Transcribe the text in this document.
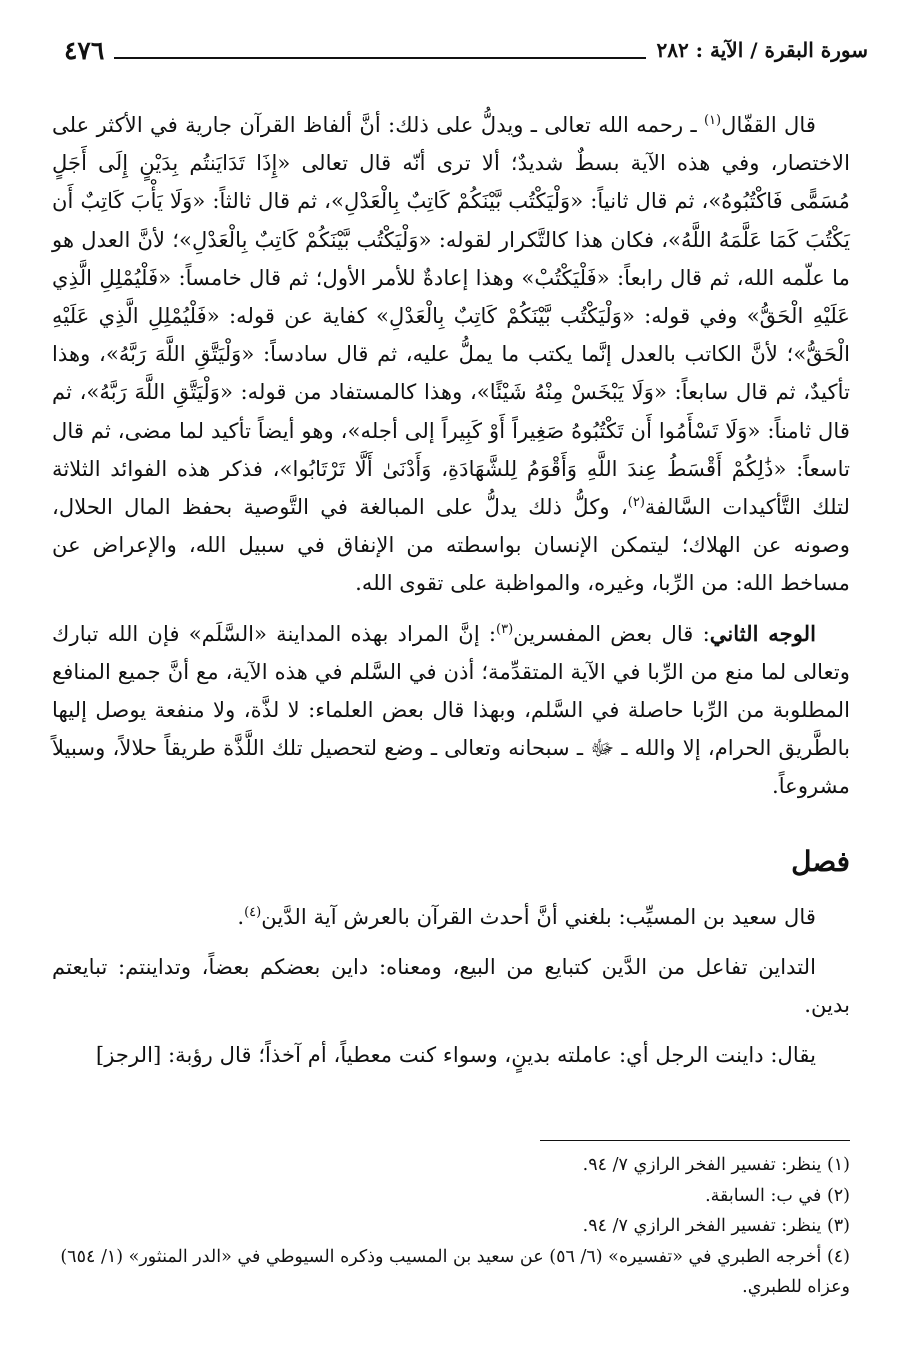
سورة البقرة / الآية : ٢٨٢
٤٧٦

قال القفّال$^{(١)}$ ـ رحمه الله تعالى ـ ويدلُّ على ذلك: أنَّ ألفاظ القرآن جارية في الأكثر على الاختصار، وفي هذه الآية بسطٌ شديدٌ؛ ألا ترى أنّه قال تعالى «إِذَا تَدَايَنتُم بِدَيْنٍ إِلَى أَجَلٍ مُسَمًّى فَاكْتُبُوهُ»، ثم قال ثانياً: «وَلْيَكْتُب بَّيْنَكُمْ كَاتِبٌ بِالْعَدْلِ»، ثم قال ثالثاً: «وَلَا يَأْبَ كَاتِبٌ أَن يَكْتُبَ كَمَا عَلَّمَهُ اللَّهُ»، فكان هذا كالتَّكرار لقوله: «وَلْيَكْتُب بَّيْنَكُمْ كَاتِبٌ بِالْعَدْلِ»؛ لأنَّ العدل هو ما علّمه الله، ثم قال رابعاً: «فَلْيَكْتُبْ» وهذا إعادةٌ للأمر الأول؛ ثم قال خامساً: «فَلْيُمْلِلِ الَّذِي عَلَيْهِ الْحَقُّ» وفي قوله: «وَلْيَكْتُب بَّيْنَكُمْ كَاتِبٌ بِالْعَدْلِ» كفاية عن قوله: «فَلْيُمْلِلِ الَّذِي عَلَيْهِ الْحَقُّ»؛ لأنَّ الكاتب بالعدل إنَّما يكتب ما يملُّ عليه، ثم قال سادساً: «وَلْيَتَّقِ اللَّهَ رَبَّهُ»، وهذا تأكيدٌ، ثم قال سابعاً: «وَلَا يَبْخَسْ مِنْهُ شَيْئًا»، وهذا كالمستفاد من قوله: «وَلْيَتَّقِ اللَّهَ رَبَّهُ»، ثم قال ثامناً: «وَلَا تَسْأَمُوا أَن تَكْتُبُوهُ صَغِيراً أَوْ كَبِيراً إلى أجله»، وهو أيضاً تأكيد لما مضى، ثم قال تاسعاً: «ذَٰلِكُمْ أَقْسَطُ عِندَ اللَّهِ وَأَقْوَمُ لِلشَّهَادَةِ، وَأَدْنَىٰ أَلَّا تَرْتَابُوا»، فذكر هذه الفوائد الثلاثة لتلك التَّأكيدات السَّالفة$^{(٢)}$، وكلُّ ذلك يدلُّ على المبالغة في التَّوصية بحفظ المال الحلال، وصونه عن الهلاك؛ ليتمكن الإنسان بواسطته من الإنفاق في سبيل الله، والإعراض عن مساخط الله: من الرِّبا، وغيره، والمواظبة على تقوى الله.

الوجه الثاني: قال بعض المفسرين$^{(٣)}$: إنَّ المراد بهذه المداينة «السَّلَم» فإن الله تبارك وتعالى لما منع من الرِّبا في الآية المتقدِّمة؛ أذن في السَّلم في هذه الآية، مع أنَّ جميع المنافع المطلوبة من الرِّبا حاصلة في السَّلم، وبهذا قال بعض العلماء: لا لذَّة، ولا منفعة يوصل إليها بالطَّريق الحرام، إلا والله ـ ﷻ ـ سبحانه وتعالى ـ وضع لتحصيل تلك اللَّذَّة طريقاً حلالاً، وسبيلاً مشروعاً.

فصل

قال سعيد بن المسيِّب: بلغني أنَّ أحدث القرآن بالعرش آية الدَّين$^{(٤)}$.

التداين تفاعل من الدَّين كتبايع من البيع، ومعناه: داين بعضكم بعضاً، وتداينتم: تبايعتم بدين.

يقال: داينت الرجل أي: عاملته بدينٍ، وسواء كنت معطياً، أم آخذاً؛ قال رؤبة: [الرجز]

(١) ينظر: تفسير الفخر الرازي ٧/ ٩٤.

(٢) في ب: السابقة.

(٣) ينظر: تفسير الفخر الرازي ٧/ ٩٤.

(٤) أخرجه الطبري في «تفسيره» (٦/ ٥٦) عن سعيد بن المسيب وذكره السيوطي في «الدر المنثور» (١/ ٦٥٤) وعزاه للطبري.
